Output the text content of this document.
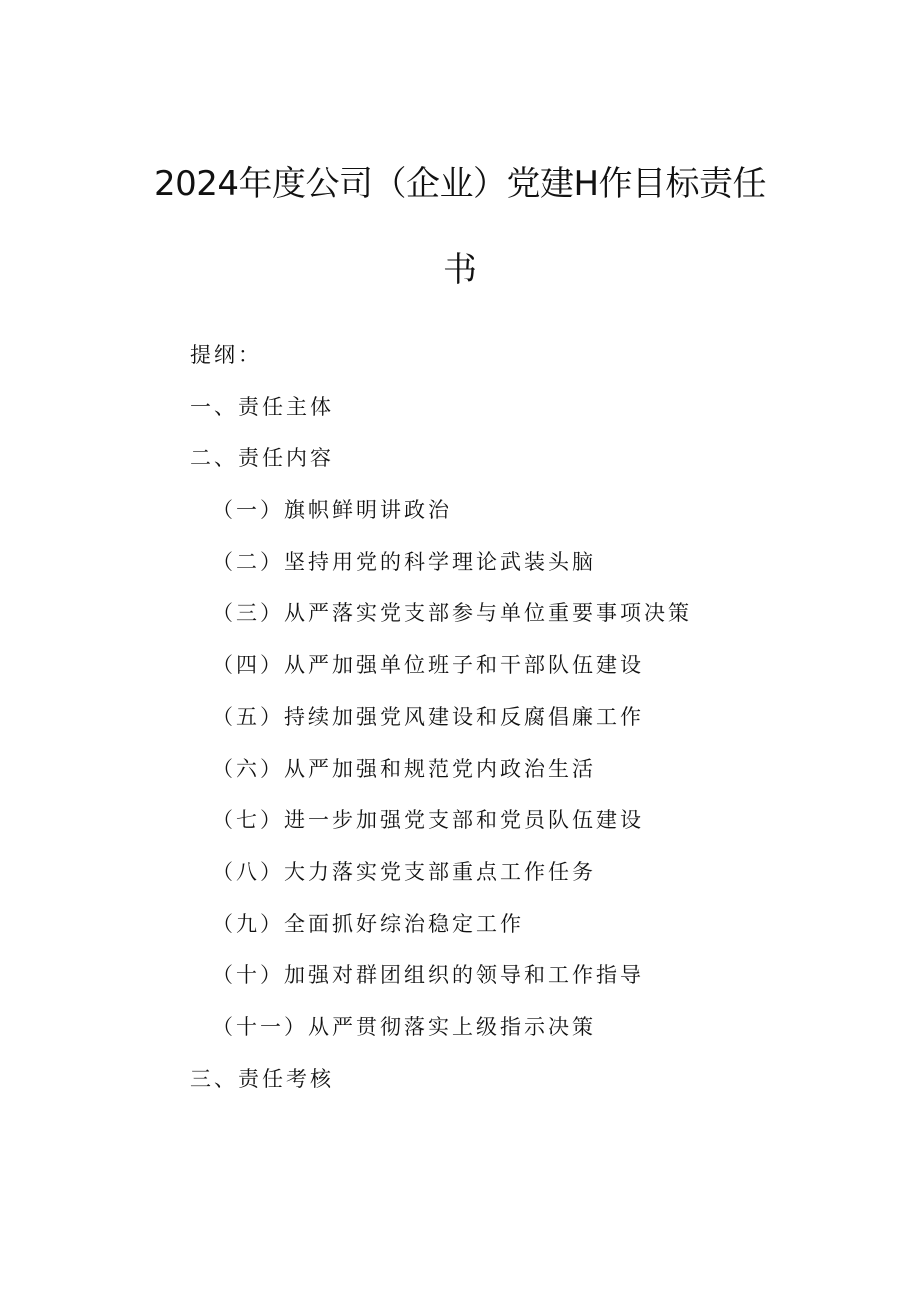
2024年度公司（企业）党建H作目标责任
书
提纲：
一、责任主体
二、责任内容
（一）旗帜鲜明讲政治
（二）坚持用党的科学理论武装头脑
（三）从严落实党支部参与单位重要事项决策
（四）从严加强单位班子和干部队伍建设
（五）持续加强党风建设和反腐倡廉工作
（六）从严加强和规范党内政治生活
（七）进一步加强党支部和党员队伍建设
（八）大力落实党支部重点工作任务
（九）全面抓好综治稳定工作
（十）加强对群团组织的领导和工作指导
（十一）从严贯彻落实上级指示决策
三、责任考核
